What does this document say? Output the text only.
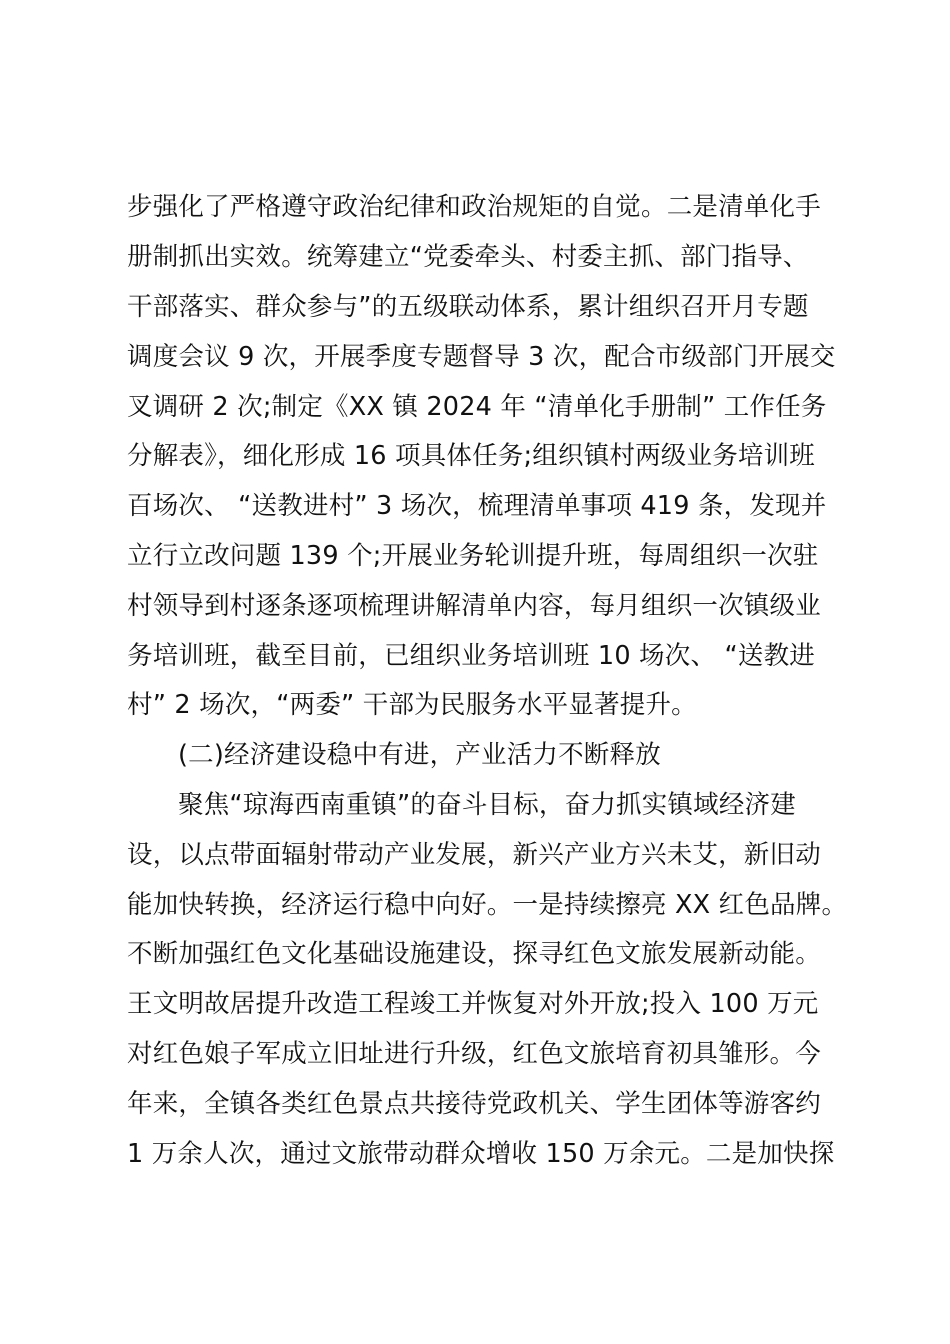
步强化了严格遵守政治纪律和政治规矩的自觉。二是清单化手
册制抓出实效。统筹建立“党委牵头、村委主抓、部门指导、
干部落实、群众参与”的五级联动体系，累计组织召开月专题
调度会议 9 次，开展季度专题督导 3 次，配合市级部门开展交
叉调研 2 次;制定《XX 镇 2024 年 “清单化手册制” 工作任务
分解表》，细化形成 16 项具体任务;组织镇村两级业务培训班
百场次、 “送教进村” 3 场次，梳理清单事项 419 条，发现并
立行立改问题 139 个;开展业务轮训提升班，每周组织一次驻
村领导到村逐条逐项梳理讲解清单内容，每月组织一次镇级业
务培训班，截至目前，已组织业务培训班 10 场次、 “送教进
村” 2 场次，“两委” 干部为民服务水平显著提升。
(二)经济建设稳中有进，产业活力不断释放
聚焦“琼海西南重镇”的奋斗目标，奋力抓实镇域经济建
设，以点带面辐射带动产业发展，新兴产业方兴未艾，新旧动
能加快转换，经济运行稳中向好。一是持续擦亮 XX 红色品牌。
不断加强红色文化基础设施建设，探寻红色文旅发展新动能。
王文明故居提升改造工程竣工并恢复对外开放;投入 100 万元
对红色娘子军成立旧址进行升级，红色文旅培育初具雏形。今
年来，全镇各类红色景点共接待党政机关、学生团体等游客约
1 万余人次，通过文旅带动群众增收 150 万余元。二是加快探
